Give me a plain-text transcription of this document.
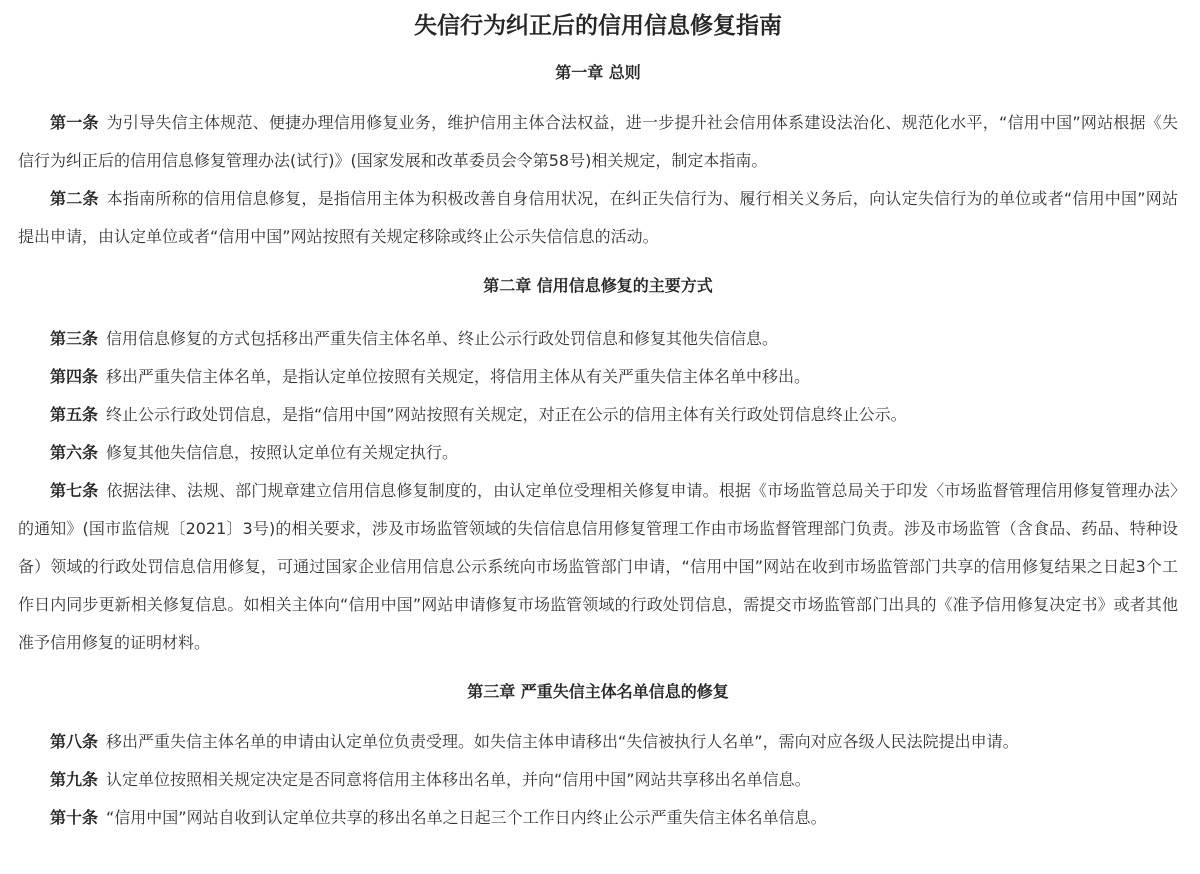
失信行为纠正后的信用信息修复指南
第一章 总则

第一条 为引导失信主体规范、便捷办理信用修复业务，维护信用主体合法权益，进一步提升社会信用体系建设法治化、规范化水平，“信用中国”网站根据《失信行为纠正后的信用信息修复管理办法(试行)》(国家发展和改革委员会令第58号)相关规定，制定本指南。

第二条 本指南所称的信用信息修复，是指信用主体为积极改善自身信用状况，在纠正失信行为、履行相关义务后，向认定失信行为的单位或者“信用中国”网站提出申请，由认定单位或者“信用中国”网站按照有关规定移除或终止公示失信信息的活动。

第二章 信用信息修复的主要方式

第三条 信用信息修复的方式包括移出严重失信主体名单、终止公示行政处罚信息和修复其他失信信息。

第四条 移出严重失信主体名单，是指认定单位按照有关规定，将信用主体从有关严重失信主体名单中移出。

第五条 终止公示行政处罚信息，是指“信用中国”网站按照有关规定，对正在公示的信用主体有关行政处罚信息终止公示。

第六条 修复其他失信信息，按照认定单位有关规定执行。

第七条 依据法律、法规、部门规章建立信用信息修复制度的，由认定单位受理相关修复申请。根据《市场监管总局关于印发〈市场监督管理信用修复管理办法〉的通知》(国市监信规〔2021〕3号)的相关要求，涉及市场监管领域的失信信息信用修复管理工作由市场监督管理部门负责。涉及市场监管（含食品、药品、特种设备）领域的行政处罚信息信用修复，可通过国家企业信用信息公示系统向市场监管部门申请，“信用中国”网站在收到市场监管部门共享的信用修复结果之日起3个工作日内同步更新相关修复信息。如相关主体向“信用中国”网站申请修复市场监管领域的行政处罚信息，需提交市场监管部门出具的《准予信用修复决定书》或者其他准予信用修复的证明材料。

第三章 严重失信主体名单信息的修复

第八条 移出严重失信主体名单的申请由认定单位负责受理。如失信主体申请移出“失信被执行人名单”，需向对应各级人民法院提出申请。

第九条 认定单位按照相关规定决定是否同意将信用主体移出名单，并向“信用中国”网站共享移出名单信息。

第十条 “信用中国”网站自收到认定单位共享的移出名单之日起三个工作日内终止公示严重失信主体名单信息。
